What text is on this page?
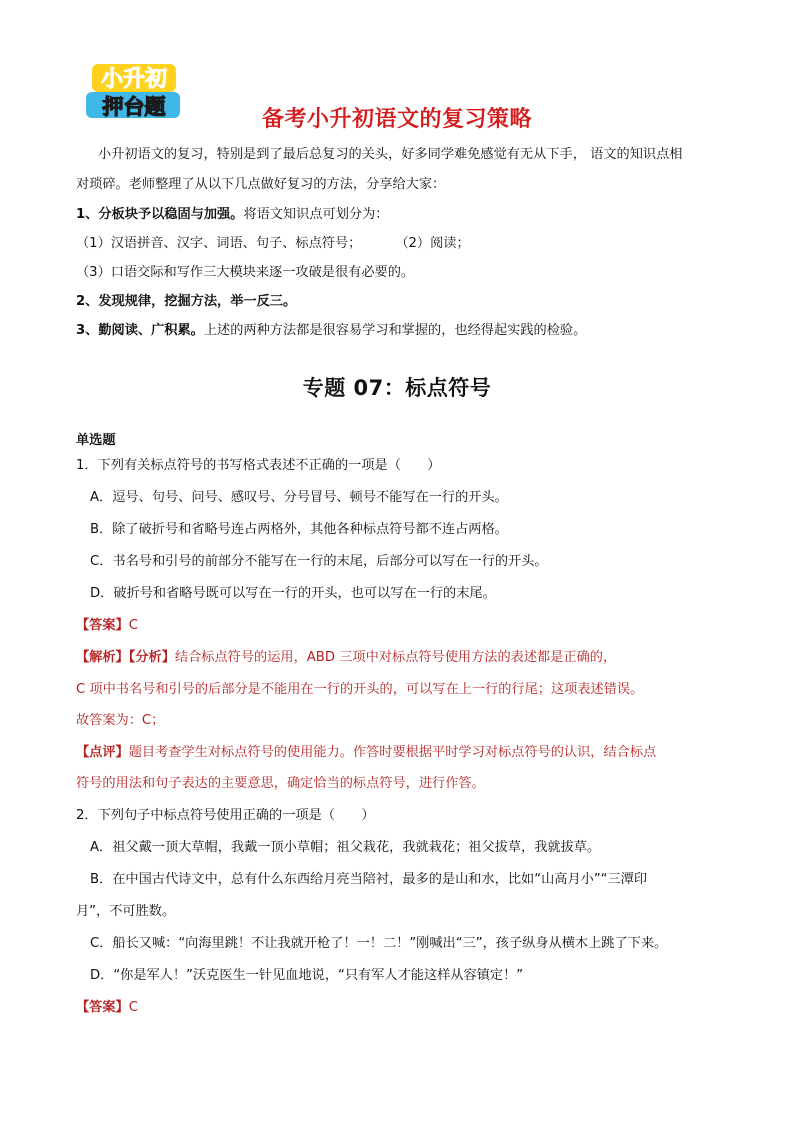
小升初
押台题	备考小升初语文的复习策略
小升初语文的复习，特别是到了最后总复习的关头，好多同学难免感觉有无从下手， 语文的知识点相
对琐碎。老师整理了从以下几点做好复习的方法，分享给大家：
1、分板块予以稳固与加强。将语文知识点可划分为：
（1）汉语拼音、汉字、词语、句子、标点符号；	（2）阅读；
（3）口语交际和写作三大模块来逐一攻破是很有必要的。
2、发现规律，挖掘方法，举一反三。
3、勤阅读、广积累。上述的两种方法都是很容易学习和掌握的，也经得起实践的检验。
专题 07：标点符号
单选题
1．下列有关标点符号的书写格式表述不正确的一项是（　　）
A．逗号、句号、问号、感叹号、分号冒号、顿号不能写在一行的开头。
B．除了破折号和省略号连占两格外，其他各种标点符号都不连占两格。
C．书名号和引号的前部分不能写在一行的末尾，后部分可以写在一行的开头。
D．破折号和省略号既可以写在一行的开头，也可以写在一行的末尾。
【答案】C
【解析】【分析】结合标点符号的运用，ABD 三项中对标点符号使用方法的表述都是正确的，
C 项中书名号和引号的后部分是不能用在一行的开头的，可以写在上一行的行尾；这项表述错误。
故答案为：C；
【点评】题目考查学生对标点符号的使用能力。作答时要根据平时学习对标点符号的认识，结合标点
符号的用法和句子表达的主要意思，确定恰当的标点符号，进行作答。
2．下列句子中标点符号使用正确的一项是（　　）
A．祖父戴一顶大草帽，我戴一顶小草帽；祖父栽花，我就栽花；祖父拔草，我就拔草。
B．在中国古代诗文中，总有什么东西给月亮当陪衬，最多的是山和水，比如“山高月小”“三潭印
月”，不可胜数。
C．船长又喊：“向海里跳！不让我就开枪了！一！二！”刚喊出“三”，孩子纵身从横木上跳了下来。
D．“你是军人！”沃克医生一针见血地说，“只有军人才能这样从容镇定！”
【答案】C
